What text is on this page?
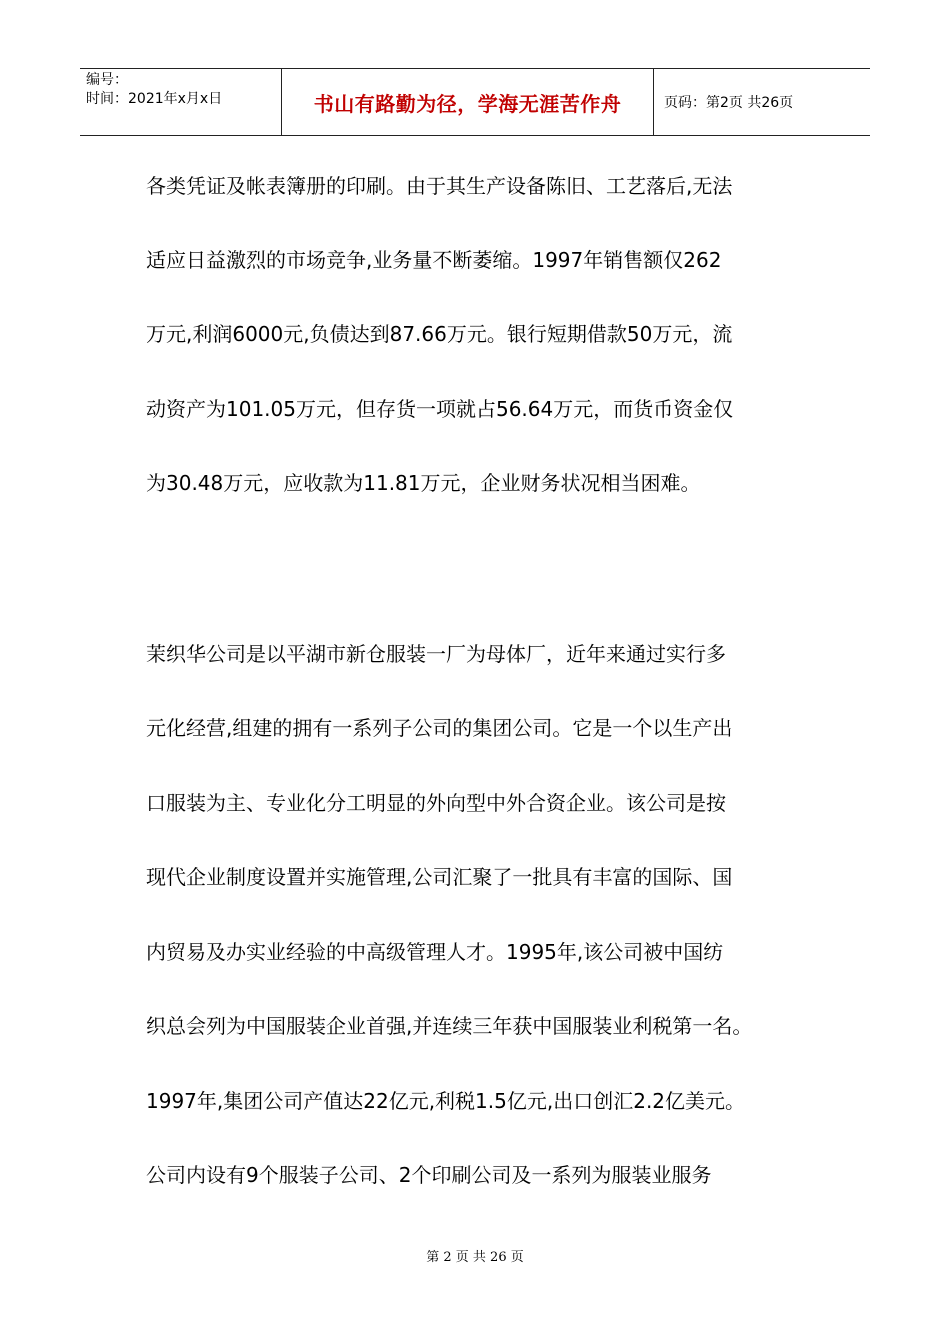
编号：
时间：2021年x月x日	书山有路勤为径，学海无涯苦作舟	页码：第2页 共26页
各类凭证及帐表簿册的印刷。由于其生产设备陈旧、工艺落后,无法
适应日益激烈的市场竞争,业务量不断萎缩。1997年销售额仅262
万元,利润6000元,负债达到87.66万元。银行短期借款50万元，流
动资产为101.05万元，但存货一项就占56.64万元，而货币资金仅
为30.48万元，应收款为11.81万元，企业财务状况相当困难。
茉织华公司是以平湖市新仓服装一厂为母体厂，近年来通过实行多
元化经营,组建的拥有一系列子公司的集团公司。它是一个以生产出
口服装为主、专业化分工明显的外向型中外合资企业。该公司是按
现代企业制度设置并实施管理,公司汇聚了一批具有丰富的国际、国
内贸易及办实业经验的中高级管理人才。1995年,该公司被中国纺
织总会列为中国服装企业首强,并连续三年获中国服装业利税第一名。
1997年,集团公司产值达22亿元,利税1.5亿元,出口创汇2.2亿美元。
公司内设有9个服装子公司、2个印刷公司及一系列为服装业服务
第 2 页 共 26 页
